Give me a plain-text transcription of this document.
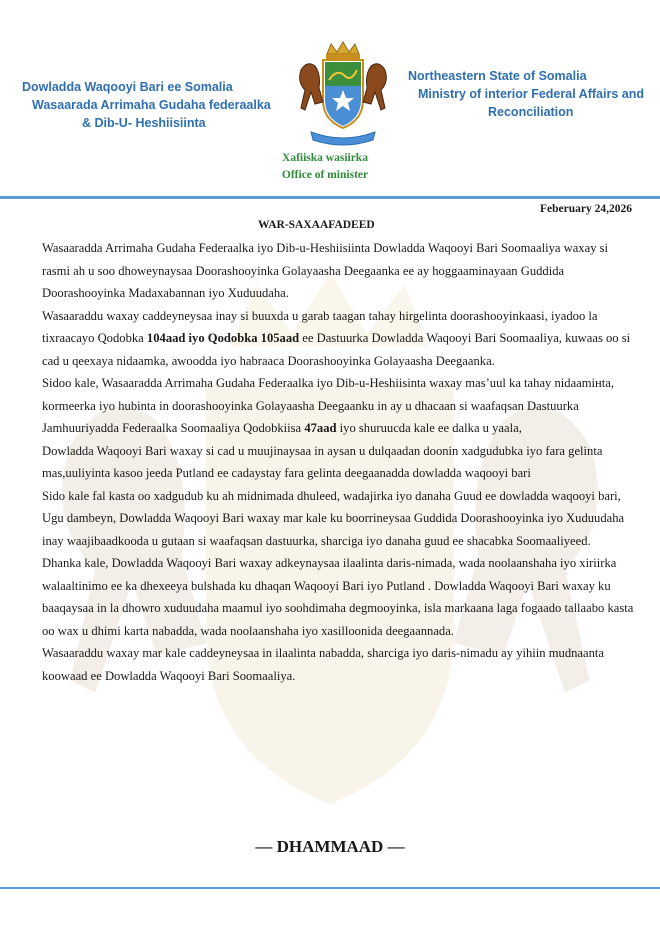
Dowladda Waqooyi Bari ee Somalia
Wasaarada Arrimaha Gudaha federaalka
& Dib-U- Heshiisiinta
Northeastern State of Somalia
Ministry of interior Federal Affairs and
Reconciliation
Xafiiska wasiirka
Office of minister
Feberuary 24,2026
WAR-SAXAAFADEED

Wasaaradda Arrimaha Gudaha Federaalka iyo Dib-u-Heshiisiinta Dowladda Waqooyi Bari Soomaaliya waxay si rasmi ah u soo dhoweynaysaa Doorashooyinka Golayaasha Deegaanka ee ay hoggaaminayaan Guddida Doorashooyinka Madaxabannan iyo Xuduudaha.

Wasaaraddu waxay caddeyneysaa inay si buuxda u garab taagan tahay hirgelinta doorashooyinkaasi, iyadoo la tixraacayo Qodobka 104aad iyo Qodobka 105aad ee Dastuurka Dowladda Waqooyi Bari Soomaaliya, kuwaas oo si cad u qeexaya nidaamka, awoodda iyo habraaca Doorashooyinka Golayaasha Deegaanka.

Sidoo kale, Wasaaradda Arrimaha Gudaha Federaalka iyo Dib-u-Heshiisinta waxay mas’uul ka tahay nidaamінta, kormeerka iyo hubinta in doorashooyinka Golayaasha Deegaanku in ay u dhacaan si waafaqsan Dastuurka Jamhuuriyadda Federaalka Soomaaliya Qodobkiisa 47aad iyo shuruucda kale ee dalka u yaala,

Dowladda Waqooyi Bari waxay si cad u muujinaysaa in aysan u dulqaadan doonin xadgudubka iyo fara gelinta mas,uuliyinta kasoo jeeda Putland ee cadaystay fara gelinta deegaanadda dowladda waqooyi bari

Sido kale fal kasta oo xadgudub ku ah midnimada dhuleed, wadajirka iyo danaha Guud ee dowladda waqooyi bari,

Ugu dambeyn, Dowladda Waqooyi Bari waxay mar kale ku boorrineysaa Guddida Doorashooyinka iyo Xuduudaha inay waajibaadkooda u gutaan si waafaqsan dastuurka, sharciga iyo danaha guud ee shacabka Soomaaliyeed.

Dhanka kale, Dowladda Waqooyi Bari waxay adkeynaysaa ilaalinta daris-nimada, wada noolaanshaha iyo xiriirka walaaltinimo ee ka dhexeeya bulshada ku dhaqan Waqooyi Bari iyo Putland . Dowladda Waqooyi Bari waxay ku baaqaysaa in la dhowro xuduudaha maamul iyo soohdimaha degmooyinka, isla markaana laga fogaado tallaabo kasta oo wax u dhimi karta nabadda, wada noolaanshaha iyo xasilloonida deegaannada.

Wasaaraddu waxay mar kale caddeyneysaa in ilaalinta nabadda, sharciga iyo daris-nimadu ay yihiin mudnaanta koowaad ee Dowladda Waqooyi Bari Soomaaliya.

— DHAMMAAD —
